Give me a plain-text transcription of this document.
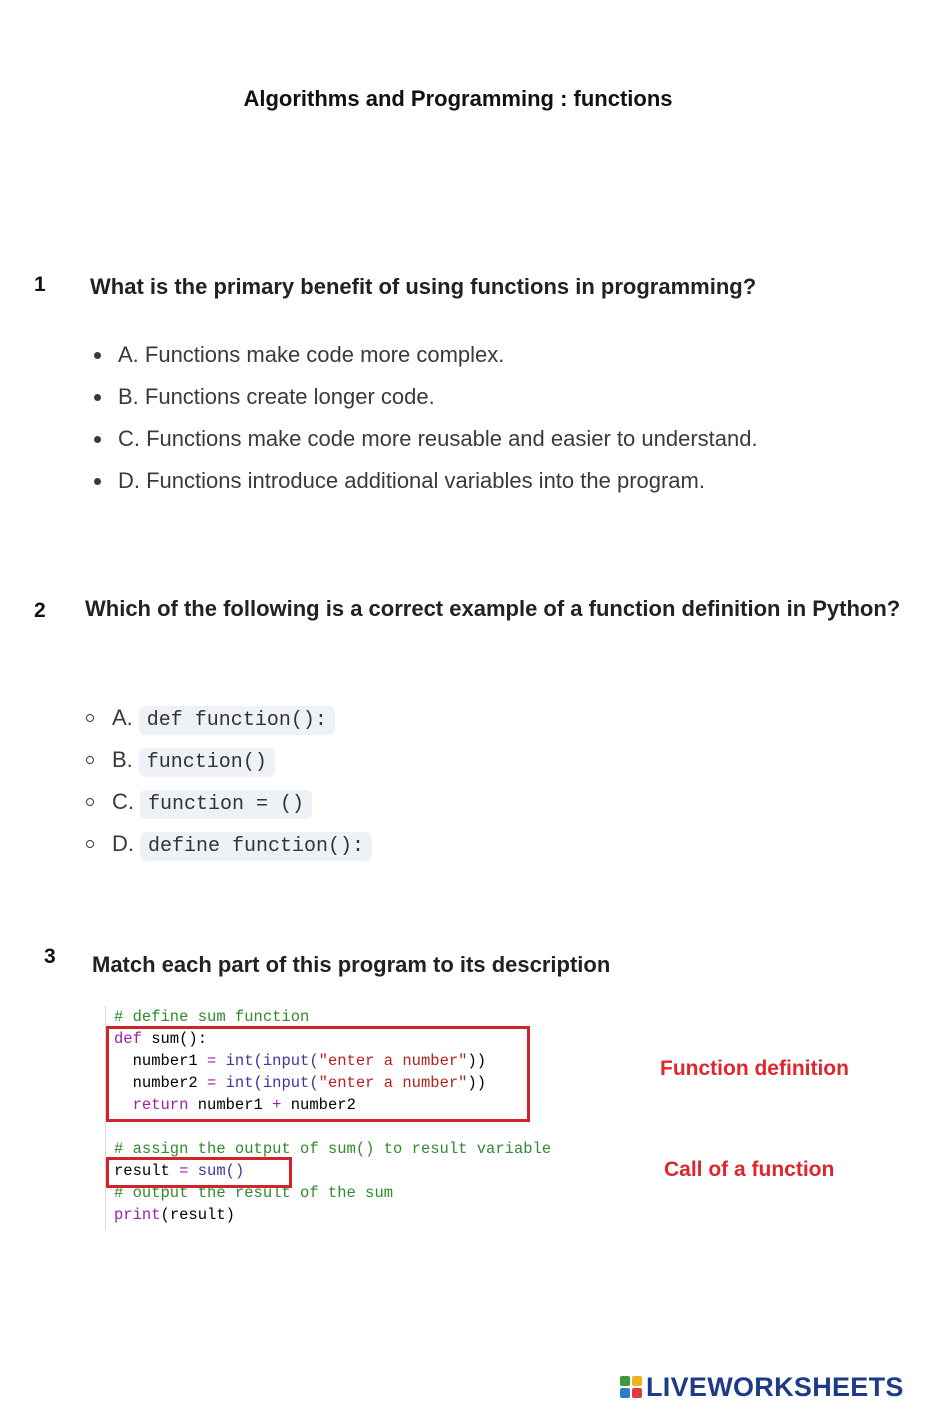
Algorithms and Programming : functions
1 What is the primary benefit of using functions in programming?
A. Functions make code more complex.
B. Functions create longer code.
C. Functions make code more reusable and easier to understand.
D. Functions introduce additional variables into the program.
2 Which of the following is a correct example of a function definition in Python?
A. def function():
B. function()
C. function = ()
D. define function():
3 Match each part of this program to its description
# define sum function
def sum():
number1 = int(input("enter a number"))
number2 = int(input("enter a number"))
return number1 + number2
# assign the output of sum() to result variable
result = sum()
# output the result of the sum
print(result)
Function definition
Call of a function
LIVEWORKSHEETS
